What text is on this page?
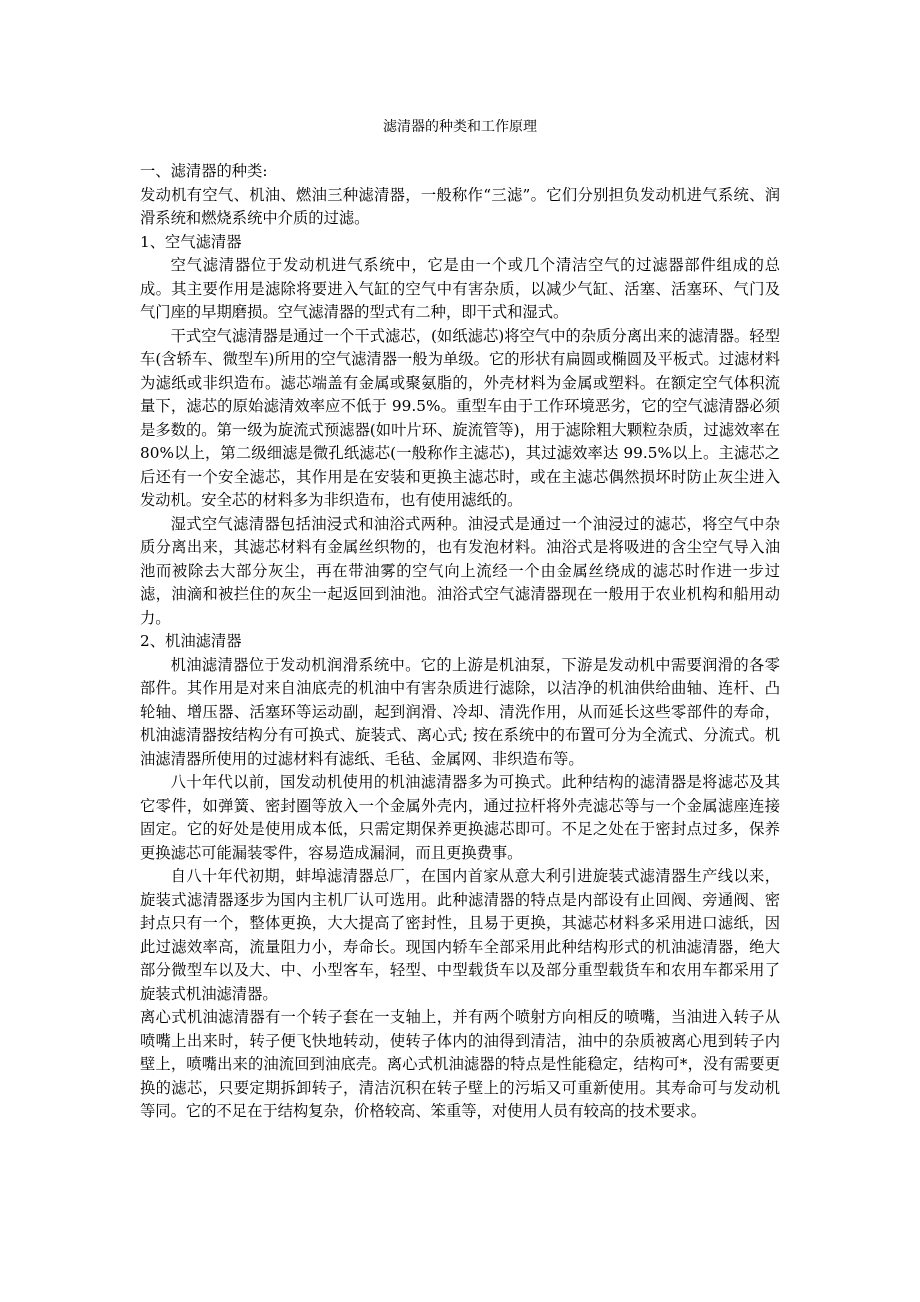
滤清器的种类和工作原理

一、滤清器的种类:

发动机有空气、机油、燃油三种滤清器，一般称作“三滤”。它们分别担负发动机进气系统、润滑系统和燃烧系统中介质的过滤。

1、空气滤清器

空气滤清器位于发动机进气系统中，它是由一个或几个清洁空气的过滤器部件组成的总成。其主要作用是滤除将要进入气缸的空气中有害杂质，以减少气缸、活塞、活塞环、气门及气门座的早期磨损。空气滤清器的型式有二种，即干式和湿式。

干式空气滤清器是通过一个干式滤芯，(如纸滤芯)将空气中的杂质分离出来的滤清器。轻型车(含轿车、微型车)所用的空气滤清器一般为单级。它的形状有扁圆或椭圆及平板式。过滤材料为滤纸或非织造布。滤芯端盖有金属或聚氨脂的，外壳材料为金属或塑料。在额定空气体积流量下，滤芯的原始滤清效率应不低于 99.5%。重型车由于工作环境恶劣，它的空气滤清器必须是多数的。第一级为旋流式预滤器(如叶片环、旋流管等)，用于滤除粗大颗粒杂质，过滤效率在 80%以上，第二级细滤是微孔纸滤芯(一般称作主滤芯)，其过滤效率达 99.5%以上。主滤芯之后还有一个安全滤芯，其作用是在安装和更换主滤芯时，或在主滤芯偶然损坏时防止灰尘进入发动机。安全芯的材料多为非织造布，也有使用滤纸的。

湿式空气滤清器包括油浸式和油浴式两种。油浸式是通过一个油浸过的滤芯，将空气中杂质分离出来，其滤芯材料有金属丝织物的，也有发泡材料。油浴式是将吸进的含尘空气导入油池而被除去大部分灰尘，再在带油雾的空气向上流经一个由金属丝绕成的滤芯时作进一步过滤，油滴和被拦住的灰尘一起返回到油池。油浴式空气滤清器现在一般用于农业机构和船用动力。

2、机油滤清器

机油滤清器位于发动机润滑系统中。它的上游是机油泵，下游是发动机中需要润滑的各零部件。其作用是对来自油底壳的机油中有害杂质进行滤除，以洁净的机油供给曲轴、连杆、凸轮轴、增压器、活塞环等运动副，起到润滑、冷却、清洗作用，从而延长这些零部件的寿命，机油滤清器按结构分有可换式、旋装式、离心式; 按在系统中的布置可分为全流式、分流式。机油滤清器所使用的过滤材料有滤纸、毛毡、金属网、非织造布等。

八十年代以前，国发动机使用的机油滤清器多为可换式。此种结构的滤清器是将滤芯及其它零件，如弹簧、密封圈等放入一个金属外壳内，通过拉杆将外壳滤芯等与一个金属滤座连接固定。它的好处是使用成本低，只需定期保养更换滤芯即可。不足之处在于密封点过多，保养更换滤芯可能漏装零件，容易造成漏洞，而且更换费事。

自八十年代初期，蚌埠滤清器总厂，在国内首家从意大利引进旋装式滤清器生产线以来，旋装式滤清器逐步为国内主机厂认可选用。此种滤清器的特点是内部设有止回阀、旁通阀、密封点只有一个，整体更换，大大提高了密封性，且易于更换，其滤芯材料多采用进口滤纸，因此过滤效率高，流量阻力小，寿命长。现国内轿车全部采用此种结构形式的机油滤清器，绝大部分微型车以及大、中、小型客车，轻型、中型载货车以及部分重型载货车和农用车都采用了旋装式机油滤清器。

离心式机油滤清器有一个转子套在一支轴上，并有两个喷射方向相反的喷嘴，当油进入转子从喷嘴上出来时，转子便飞快地转动，使转子体内的油得到清洁，油中的杂质被离心甩到转子内壁上，喷嘴出来的油流回到油底壳。离心式机油滤器的特点是性能稳定，结构可*，没有需要更换的滤芯，只要定期拆卸转子，清洁沉积在转子壁上的污垢又可重新使用。其寿命可与发动机等同。它的不足在于结构复杂，价格较高、笨重等，对使用人员有较高的技术要求。
